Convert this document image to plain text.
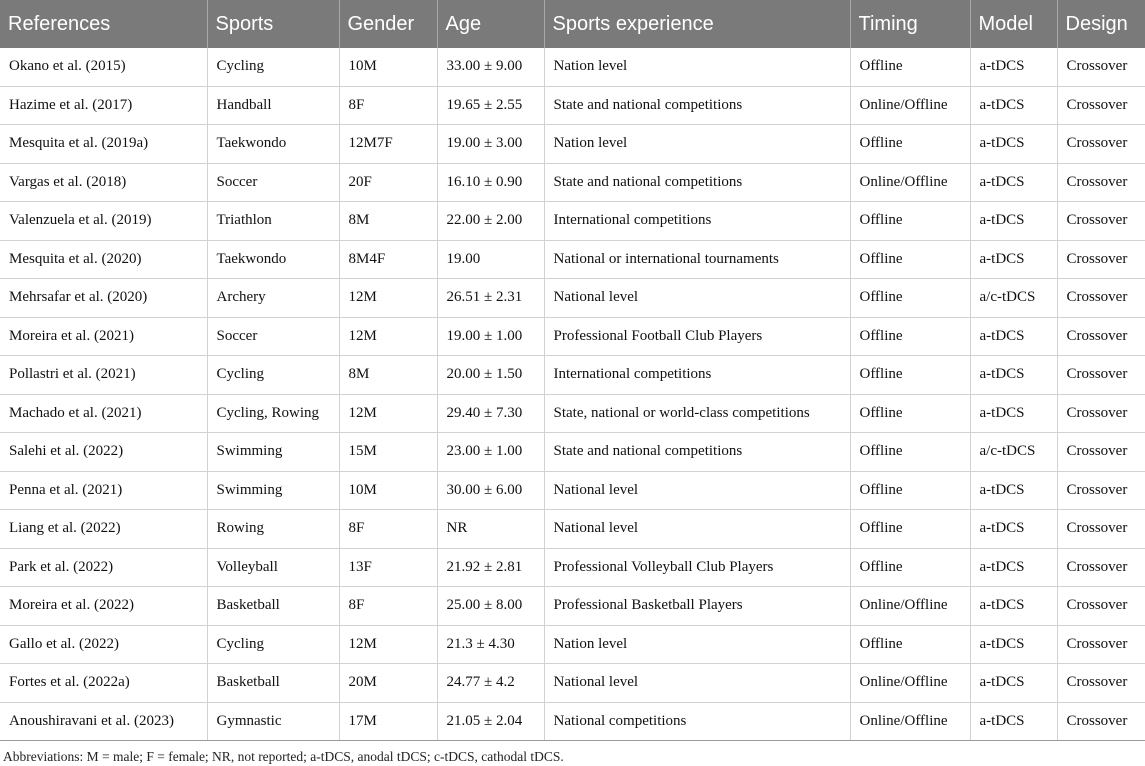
References	Sports	Gender	Age	Sports experience	Timing	Model	Design
Okano et al. (2015)	Cycling	10M	33.00 ± 9.00	Nation level	Offline	a-tDCS	Crossover
Hazime et al. (2017)	Handball	8F	19.65 ± 2.55	State and national competitions	Online/Offline	a-tDCS	Crossover
Mesquita et al. (2019a)	Taekwondo	12M7F	19.00 ± 3.00	Nation level	Offline	a-tDCS	Crossover
Vargas et al. (2018)	Soccer	20F	16.10 ± 0.90	State and national competitions	Online/Offline	a-tDCS	Crossover
Valenzuela et al. (2019)	Triathlon	8M	22.00 ± 2.00	International competitions	Offline	a-tDCS	Crossover
Mesquita et al. (2020)	Taekwondo	8M4F	19.00	National or international tournaments	Offline	a-tDCS	Crossover
Mehrsafar et al. (2020)	Archery	12M	26.51 ± 2.31	National level	Offline	a/c-tDCS	Crossover
Moreira et al. (2021)	Soccer	12M	19.00 ± 1.00	Professional Football Club Players	Offline	a-tDCS	Crossover
Pollastri et al. (2021)	Cycling	8M	20.00 ± 1.50	International competitions	Offline	a-tDCS	Crossover
Machado et al. (2021)	Cycling, Rowing	12M	29.40 ± 7.30	State, national or world-class competitions	Offline	a-tDCS	Crossover
Salehi et al. (2022)	Swimming	15M	23.00 ± 1.00	State and national competitions	Offline	a/c-tDCS	Crossover
Penna et al. (2021)	Swimming	10M	30.00 ± 6.00	National level	Offline	a-tDCS	Crossover
Liang et al. (2022)	Rowing	8F	NR	National level	Offline	a-tDCS	Crossover
Park et al. (2022)	Volleyball	13F	21.92 ± 2.81	Professional Volleyball Club Players	Offline	a-tDCS	Crossover
Moreira et al. (2022)	Basketball	8F	25.00 ± 8.00	Professional Basketball Players	Online/Offline	a-tDCS	Crossover
Gallo et al. (2022)	Cycling	12M	21.3 ± 4.30	Nation level	Offline	a-tDCS	Crossover
Fortes et al. (2022a)	Basketball	20M	24.77 ± 4.2	National level	Online/Offline	a-tDCS	Crossover
Anoushiravani et al. (2023)	Gymnastic	17M	21.05 ± 2.04	National competitions	Online/Offline	a-tDCS	Crossover
Abbreviations: M = male; F = female; NR, not reported; a-tDCS, anodal tDCS; c-tDCS, cathodal tDCS.
